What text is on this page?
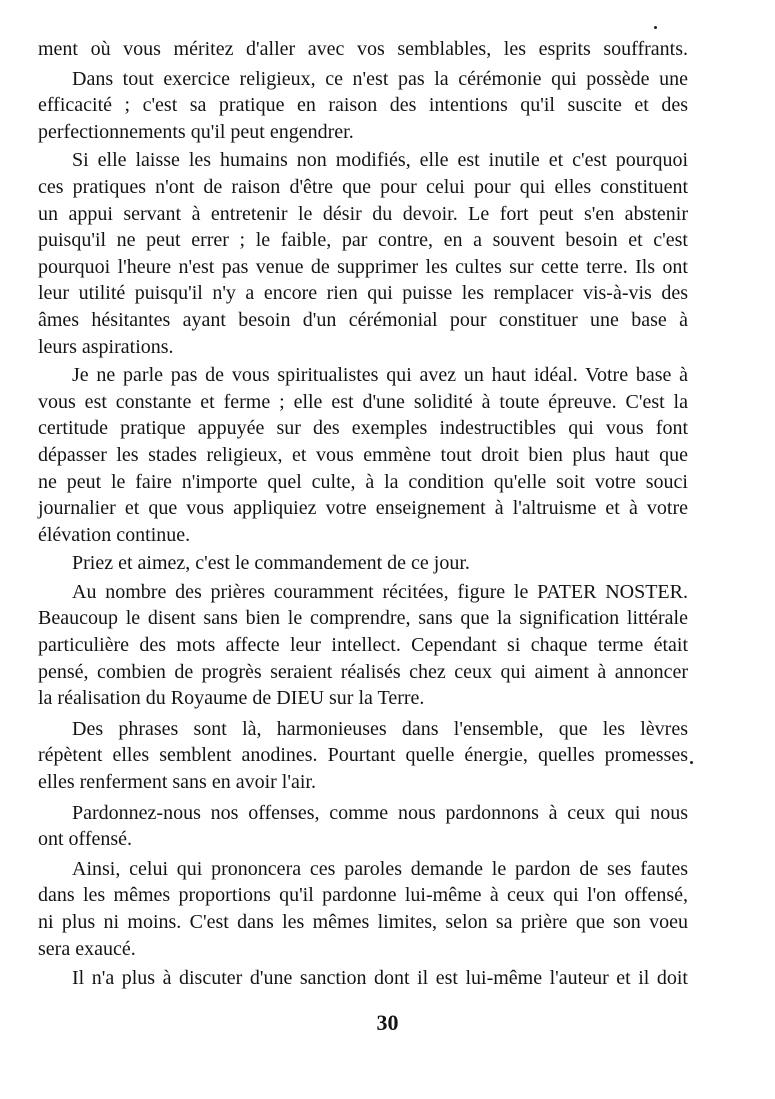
ment où vous méritez d'aller avec vos semblables, les esprits souffrants.
Dans tout exercice religieux, ce n'est pas la cérémonie qui possède une
efficacité ; c'est sa pratique en raison des intentions qu'il suscite et des
perfectionnements qu'il peut engendrer.
Si elle laisse les humains non modifiés, elle est inutile et c'est pourquoi
ces pratiques n'ont de raison d'être que pour celui pour qui elles constituent
un appui servant à entretenir le désir du devoir. Le fort peut s'en abstenir
puisqu'il ne peut errer ; le faible, par contre, en a souvent besoin et c'est
pourquoi l'heure n'est pas venue de supprimer les cultes sur cette terre. Ils ont
leur utilité puisqu'il n'y a encore rien qui puisse les remplacer vis-à-vis des
âmes hésitantes ayant besoin d'un cérémonial pour constituer une base à
leurs aspirations.
Je ne parle pas de vous spiritualistes qui avez un haut idéal. Votre base à
vous est constante et ferme ; elle est d'une solidité à toute épreuve. C'est la
certitude pratique appuyée sur des exemples indestructibles qui vous font
dépasser les stades religieux, et vous emmène tout droit bien plus haut que
ne peut le faire n'importe quel culte, à la condition qu'elle soit votre souci
journalier et que vous appliquiez votre enseignement à l'altruisme et à votre
élévation continue.
Priez et aimez, c'est le commandement de ce jour.
Au nombre des prières couramment récitées, figure le PATER NOSTER.
Beaucoup le disent sans bien le comprendre, sans que la signification littérale
particulière des mots affecte leur intellect. Cependant si chaque terme était
pensé, combien de progrès seraient réalisés chez ceux qui aiment à annoncer
la réalisation du Royaume de DIEU sur la Terre.
Des phrases sont là, harmonieuses dans l'ensemble, que les lèvres
répètent elles semblent anodines. Pourtant quelle énergie, quelles promesses
elles renferment sans en avoir l'air.
Pardonnez-nous nos offenses, comme nous pardonnons à ceux qui nous
ont offensé.
Ainsi, celui qui prononcera ces paroles demande le pardon de ses fautes
dans les mêmes proportions qu'il pardonne lui-même à ceux qui l'on offensé,
ni plus ni moins. C'est dans les mêmes limites, selon sa prière que son voeu
sera exaucé.
Il n'a plus à discuter d'une sanction dont il est lui-même l'auteur et il doit
30
